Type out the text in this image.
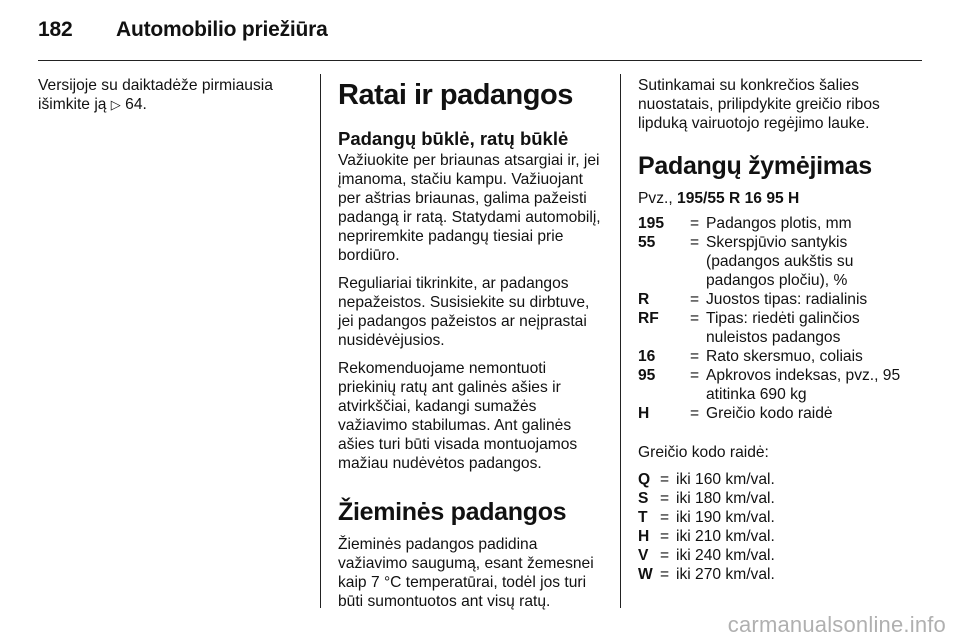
182 Automobilio priežiūra

Versijoje su daiktadėže pirmiausia išimkite ją ▷ 64.	Ratai ir padangos
Padangų būklė, ratų būklė

Važiuokite per briaunas atsargiai ir, jei įmanoma, stačiu kampu. Važiuojant per aštrias briaunas, galima pažeisti padangą ir ratą. Statydami automobilį, nepriremkite padangų tiesiai prie bordiūro.

Reguliariai tikrinkite, ar padangos nepažeistos. Susisiekite su dirbtuve, jei padangos pažeistos ar neįprastai nusidėvėjusios.

Rekomenduojame nemontuoti priekinių ratų ant galinės ašies ir atvirkščiai, kadangi sumažės važiavimo stabilumas. Ant galinės ašies turi būti visada montuojamos mažiau nudėvėtos padangos.

Žieminės padangos

Žieminės padangos padidina važiavimo saugumą, esant žemesnei kaip 7 °C temperatūrai, todėl jos turi būti sumontuotos ant visų ratų.

Sutinkamai su konkrečios šalies nuostatais, prilipdykite greičio ribos lipduką vairuotojo regėjimo lauke.

Padangų žymėjimas
Pvz., 195/55 R 16 95 H
195	= Padangos plotis, mm
55	= Skerspjūvio santykis (padangos aukštis su padangos pločiu), %
R	= Juostos tipas: radialinis
RF	= Tipas: riedėti galinčios nuleistos padangos
16	= Rato skersmuo, coliais
95	= Apkrovos indeksas, pvz., 95 atitinka 690 kg
H	= Greičio kodo raidė

Greičio kodo raidė:

Q = iki 160 km/val.
S = iki 180 km/val.
T = iki 190 km/val.
H = iki 210 km/val.
V = iki 240 km/val.
W = iki 270 km/val.
carmanualsonline.info
